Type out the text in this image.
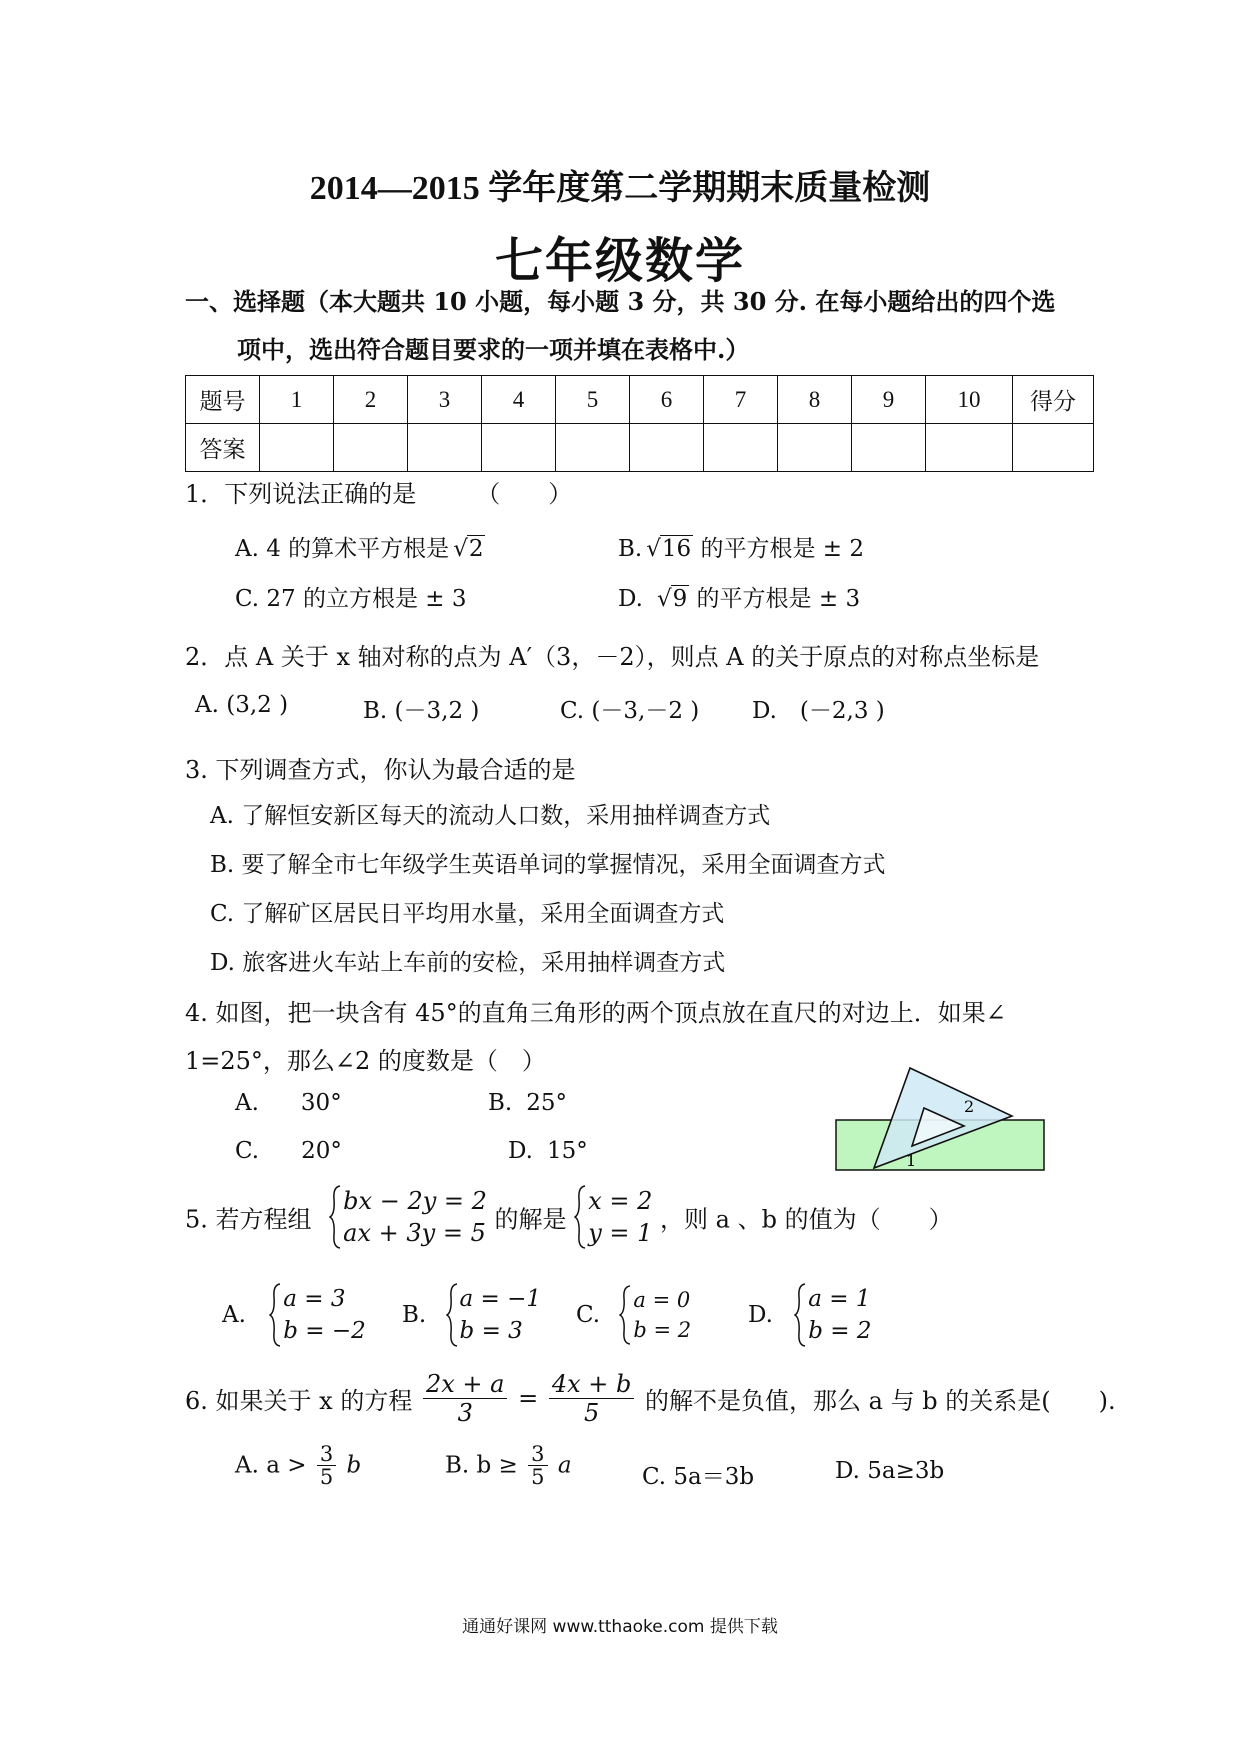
2014—2015 学年度第二学期期末质量检测
七年级数学
一、选择题（本大题共 10 小题，每小题 3 分，共 30 分. 在每小题给出的四个选
项中，选出符合题目要求的一项并填在表格中.）
题号	1	2	3	4	5	6	7	8	9	10	得分
答案											
1．下列说法正确的是　　　（　　）
A. 4 的算术平方根是 √2	B. √16 的平方根是 ± 2
C. 27 的立方根是 ± 3	D. √9 的平方根是 ± 3
2．点 A 关于 x 轴对称的点为 A′（3，－2），则点 A 的关于原点的对称点坐标是
A. (3,2 )	B. (－3,2 )	C. (－3,－2 ) D.　(－2,3 )
3. 下列调查方式，你认为最合适的是
A. 了解恒安新区每天的流动人口数，采用抽样调查方式
B. 要了解全市七年级学生英语单词的掌握情况，采用全面调查方式
C. 了解矿区居民日平均用水量，采用全面调查方式
D. 旅客进火车站上车前的安检，采用抽样调查方式
4. 如图，把一块含有 45°的直角三角形的两个顶点放在直尺的对边上．如果∠
1=25°，那么∠2 的度数是（　）
A. 30°	B. 25°
C. 20°	D. 15°
2
1
5. 若方程组
bx − 2y = 2
ax + 3y = 5 的解是
x = 2
y = 1 ，则 a 、b 的值为（　　）
A.
a = 3
b = −2
B.
a = −1
b = 3
C.
a = 0
b = 2
D.
a = 1
b = 2
6. 如果关于 x 的方程 $\frac{2x + a}{3} = \frac{4x + b}{5}$ 的解不是负值，那么 a 与 b 的关系是(　　).
A. $a > \frac{3}{5}$ b	B. $b \ge \frac{3}{5}$ a	C. 5a＝3b	D. 5a≥3b
通通好课网 www.tthaoke.com 提供下载
